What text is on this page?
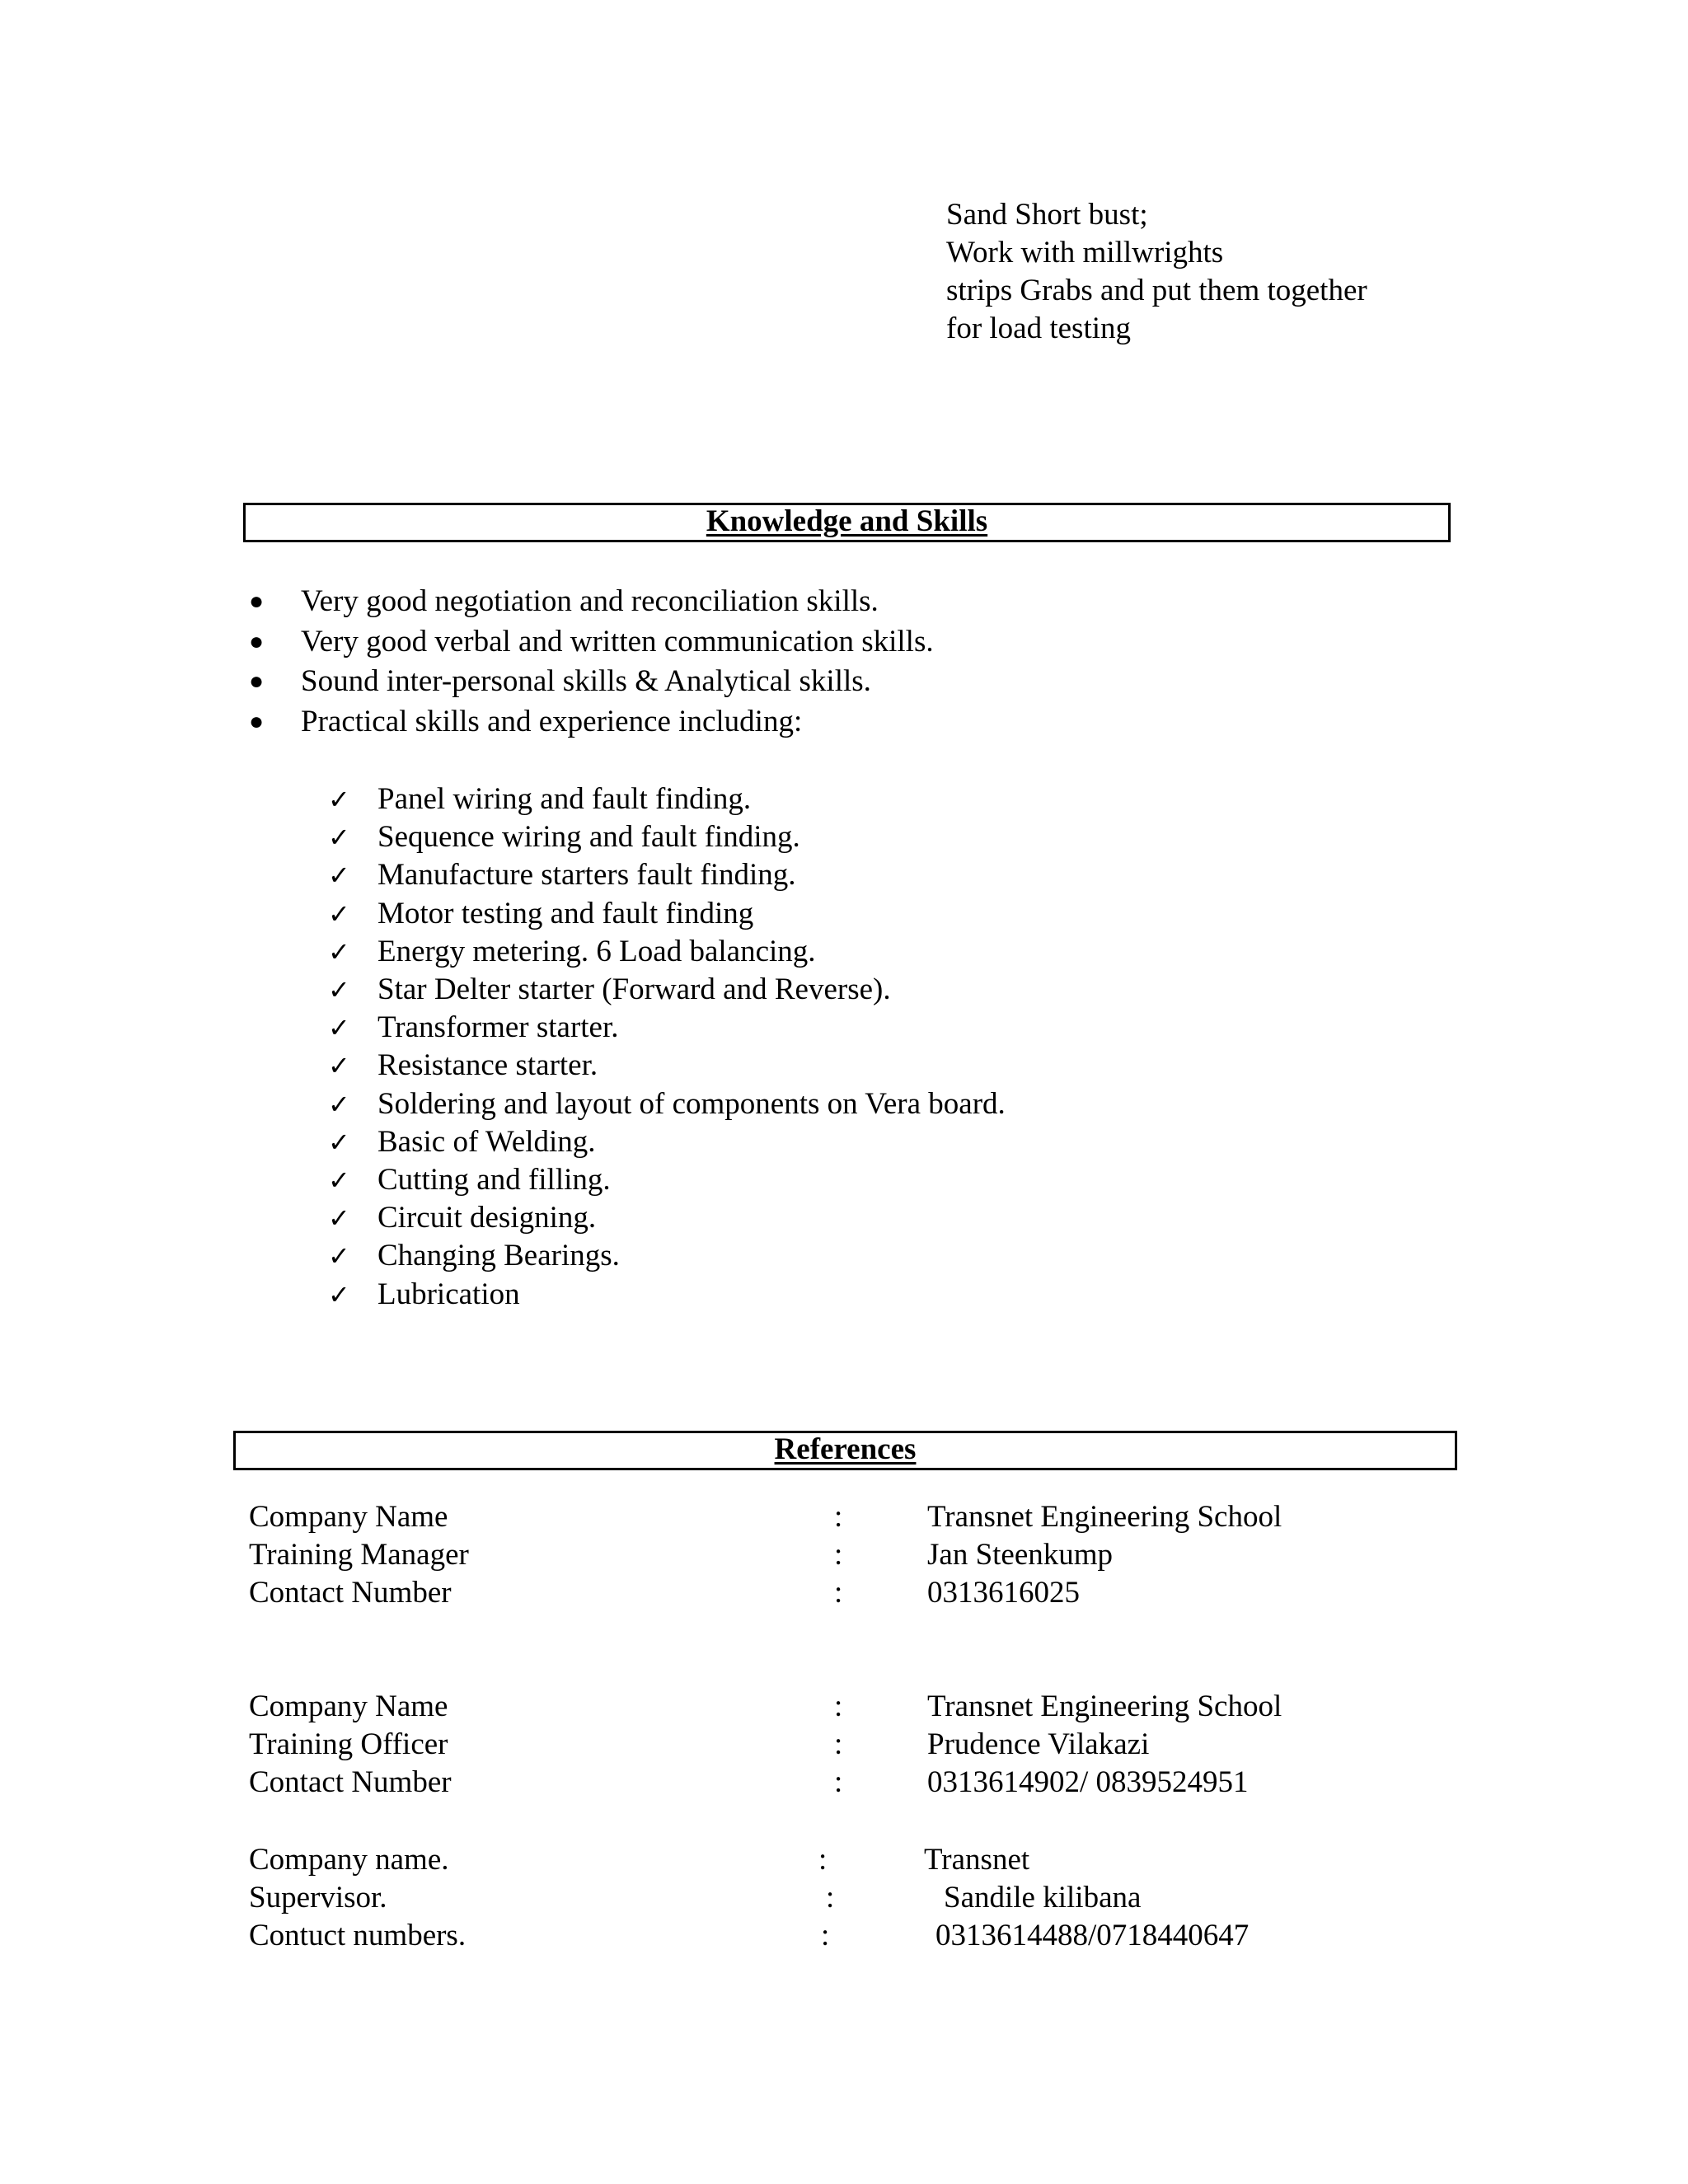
Sand Short bust;
Work with millwrights
strips Grabs and put them together
for load testing
Knowledge and Skills
●	Very good negotiation and reconciliation skills.
●	Very good verbal and written communication skills.
●	Sound inter-personal skills & Analytical skills.
●	Practical skills and experience including:
✓ Panel wiring and fault finding.
✓ Sequence wiring and fault finding.
✓ Manufacture starters fault finding.
✓ Motor testing and fault finding
✓ Energy metering. 6 Load balancing.
✓ Star Delter starter (Forward and Reverse).
✓ Transformer starter.
✓ Resistance starter.
✓ Soldering and layout of components on Vera board.
✓ Basic of Welding.
✓ Cutting and filling.
✓ Circuit designing.
✓ Changing Bearings.
✓ Lubrication
References
Company Name	:	Transnet Engineering School
Training Manager	:	Jan Steenkump
Contact Number	:	0313616025
Company Name	:	Transnet Engineering School
Training Officer	:	Prudence Vilakazi
Contact Number	:	0313614902/ 0839524951
Company name.	:	Transnet
Supervisor.	:	Sandile kilibana
Contuct numbers.	:	0313614488/0718440647
